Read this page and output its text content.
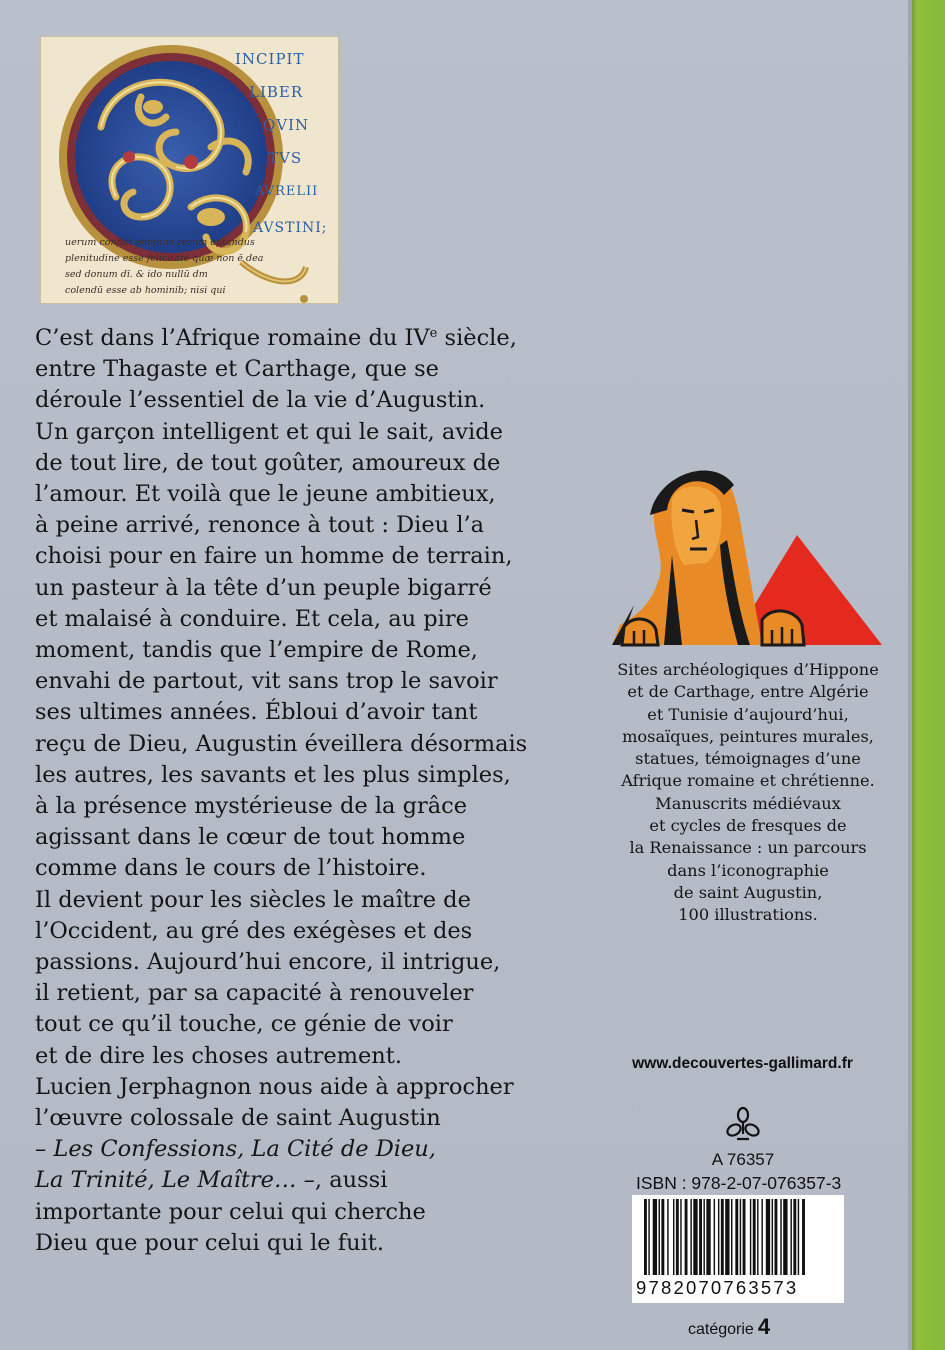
INCIPIT
LIBER
QVIN
TVS
AVRELII
AVSTINI;
uerum conflat omnium rerum optandus
plenitudine esse felicitatē quæ non ē dea
sed donum dī. & ido nullū dm
colendū esse ab hominib; nisi qui

C’est dans l’Afrique romaine du IVe siècle,

entre Thagaste et Carthage, que se

déroule l’essentiel de la vie d’Augustin.

Un garçon intelligent et qui le sait, avide

de tout lire, de tout goûter, amoureux de

l’amour. Et voilà que le jeune ambitieux,

à peine arrivé, renonce à tout : Dieu l’a

choisi pour en faire un homme de terrain,

un pasteur à la tête d’un peuple bigarré

et malaisé à conduire. Et cela, au pire

moment, tandis que l’empire de Rome,

envahi de partout, vit sans trop le savoir

ses ultimes années. Ébloui d’avoir tant

reçu de Dieu, Augustin éveillera désormais

les autres, les savants et les plus simples,

à la présence mystérieuse de la grâce

agissant dans le cœur de tout homme

comme dans le cours de l’histoire.

Il devient pour les siècles le maître de

l’Occident, au gré des exégèses et des

passions. Aujourd’hui encore, il intrigue,

il retient, par sa capacité à renouveler

tout ce qu’il touche, ce génie de voir

et de dire les choses autrement.

Lucien Jerphagnon nous aide à approcher

l’œuvre colossale de saint Augustin

– Les Confessions, La Cité de Dieu,

La Trinité, Le Maître… –, aussi

importante pour celui qui cherche

Dieu que pour celui qui le fuit.

Sites archéologiques d’Hippone

et de Carthage, entre Algérie

et Tunisie d’aujourd’hui,

mosaïques, peintures murales,

statues, témoignages d’une

Afrique romaine et chrétienne.

Manuscrits médiévaux

et cycles de fresques de

la Renaissance : un parcours

dans l’iconographie

de saint Augustin,

100 illustrations.

www.decouvertes-gallimard.fr
A 76357
ISBN : 978-2-07-076357-3
9782070763573
catégorie 4
